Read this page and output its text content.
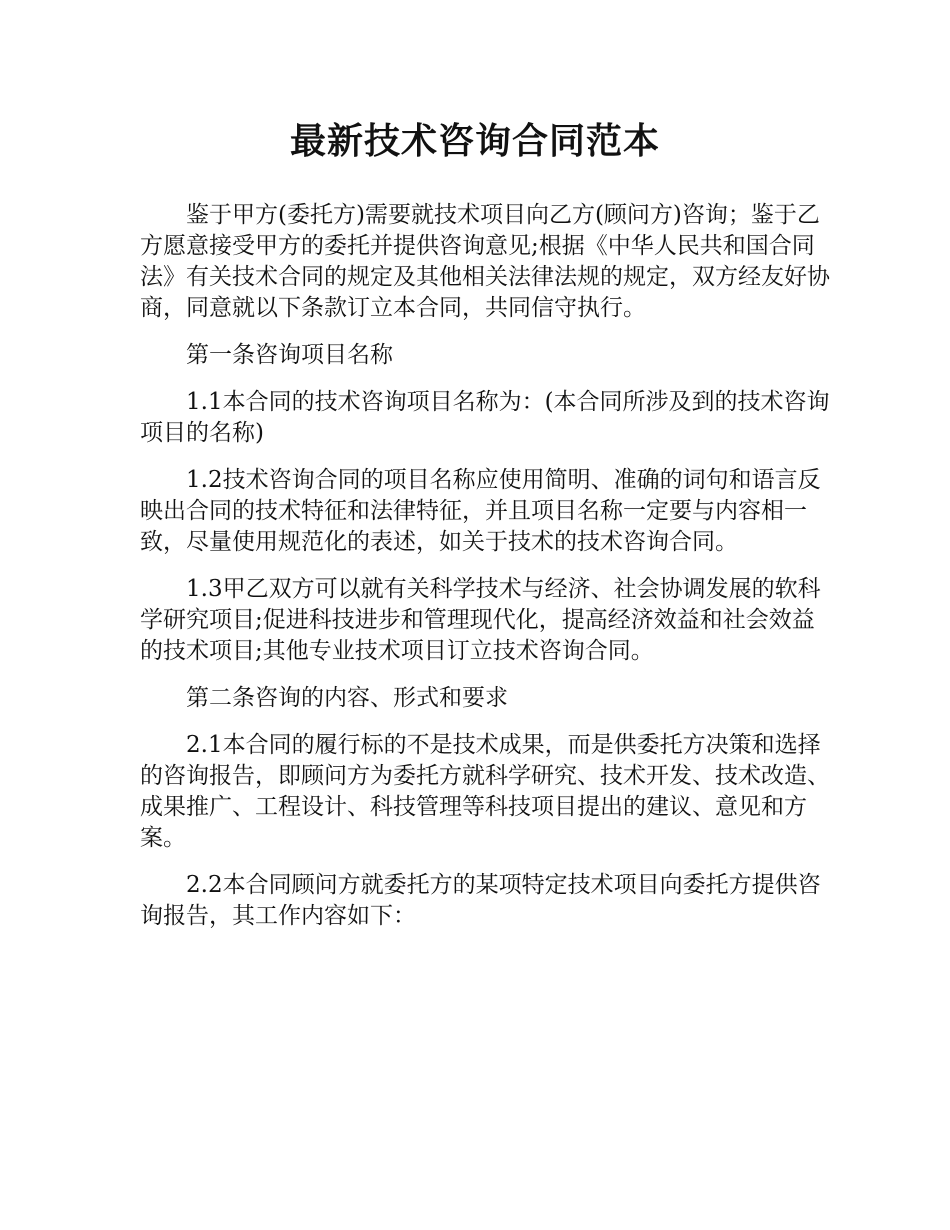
最新技术咨询合同范本

鉴于甲方(委托方)需要就技术项目向乙方(顾问方)咨询；鉴于乙方愿意接受甲方的委托并提供咨询意见;根据《中华人民共和国合同法》有关技术合同的规定及其他相关法律法规的规定，双方经友好协商，同意就以下条款订立本合同，共同信守执行。

第一条咨询项目名称

1.1本合同的技术咨询项目名称为：(本合同所涉及到的技术咨询项目的名称)

1.2技术咨询合同的项目名称应使用简明、准确的词句和语言反映出合同的技术特征和法律特征，并且项目名称一定要与内容相一致，尽量使用规范化的表述，如关于技术的技术咨询合同。

1.3甲乙双方可以就有关科学技术与经济、社会协调发展的软科学研究项目;促进科技进步和管理现代化，提高经济效益和社会效益的技术项目;其他专业技术项目订立技术咨询合同。

第二条咨询的内容、形式和要求

2.1本合同的履行标的不是技术成果，而是供委托方决策和选择的咨询报告，即顾问方为委托方就科学研究、技术开发、技术改造、成果推广、工程设计、科技管理等科技项目提出的建议、意见和方案。

2.2本合同顾问方就委托方的某项特定技术项目向委托方提供咨询报告，其工作内容如下：
